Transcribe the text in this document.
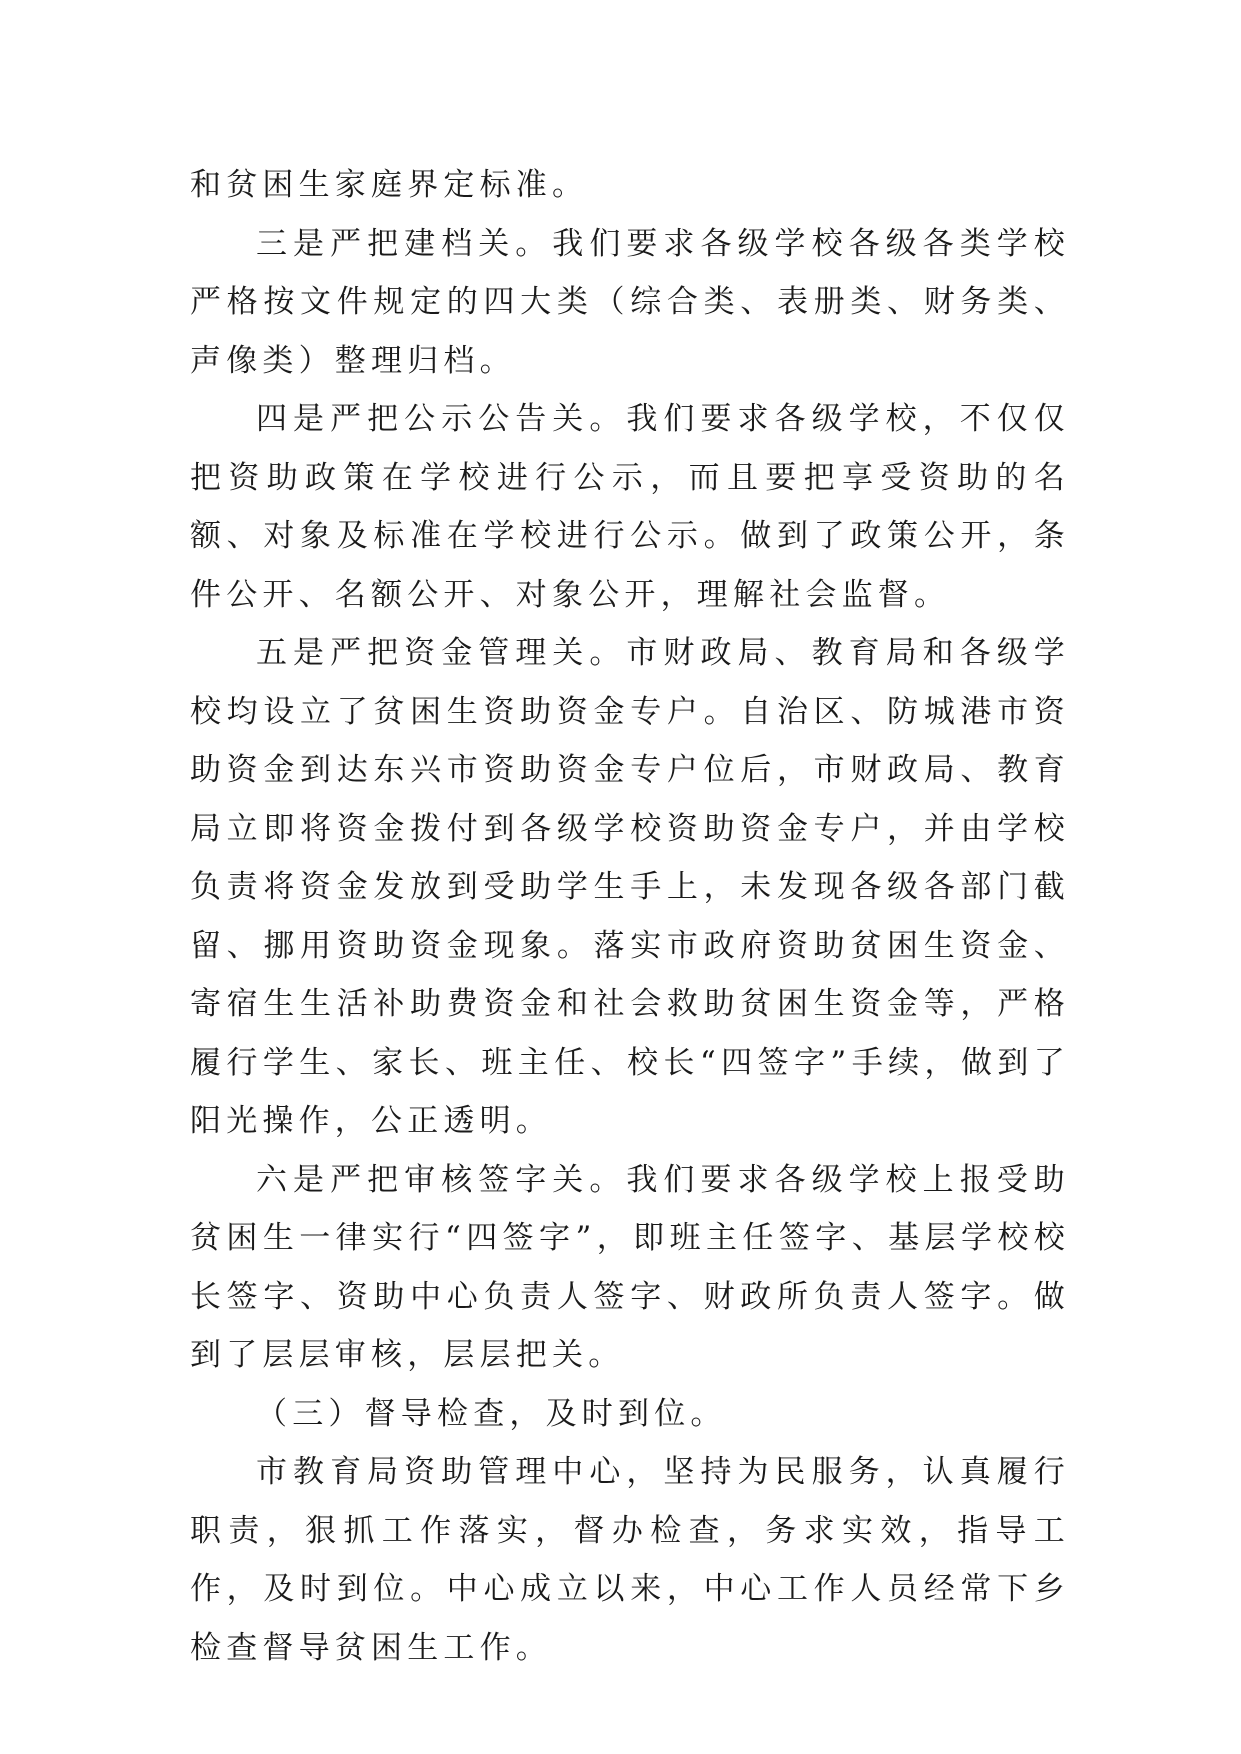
和贫困生家庭界定标准。

三是严把建档关。我们要求各级学校各级各类学校严格按文件规定的四大类（综合类、表册类、财务类、声像类）整理归档。

四是严把公示公告关。我们要求各级学校，不仅仅把资助政策在学校进行公示，而且要把享受资助的名额、对象及标准在学校进行公示。做到了政策公开，条件公开、名额公开、对象公开，理解社会监督。

五是严把资金管理关。市财政局、教育局和各级学校均设立了贫困生资助资金专户。自治区、防城港市资助资金到达东兴市资助资金专户位后，市财政局、教育局立即将资金拨付到各级学校资助资金专户，并由学校负责将资金发放到受助学生手上，未发现各级各部门截留、挪用资助资金现象。落实市政府资助贫困生资金、寄宿生生活补助费资金和社会救助贫困生资金等，严格履行学生、家长、班主任、校长“四签字”手续，做到了阳光操作，公正透明。

六是严把审核签字关。我们要求各级学校上报受助贫困生一律实行“四签字”，即班主任签字、基层学校校长签字、资助中心负责人签字、财政所负责人签字。做到了层层审核，层层把关。

（三）督导检查，及时到位。

市教育局资助管理中心，坚持为民服务，认真履行职责，狠抓工作落实，督办检查，务求实效，指导工作，及时到位。中心成立以来，中心工作人员经常下乡检查督导贫困生工作。
